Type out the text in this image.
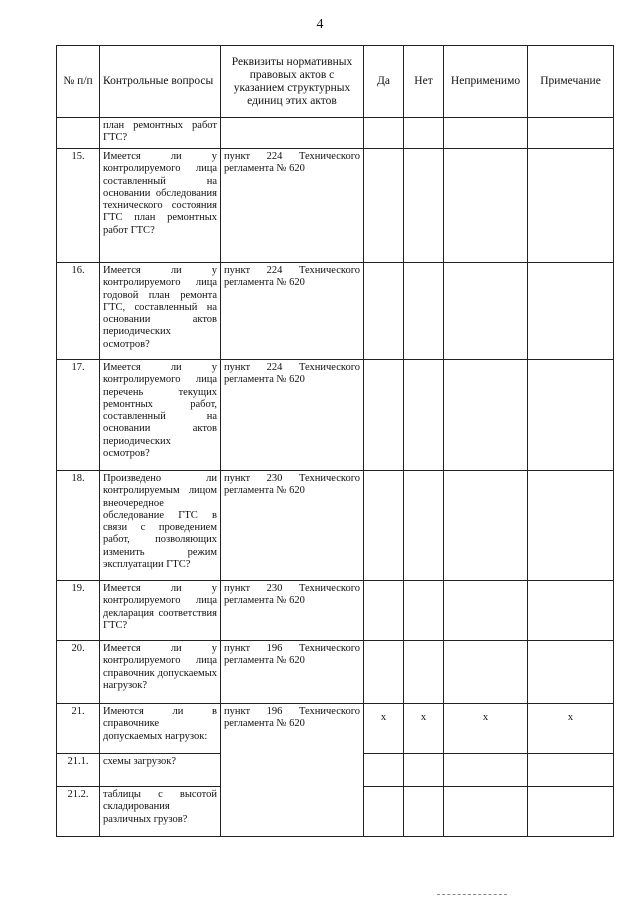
4
№ п/п	Контрольные вопросы	Реквизиты нормативных правовых актов с указанием структурных единиц этих актов	Да	Нет	Неприменимо	Примечание
	план ремонтных работ ГТС?					
15.	Имеется ли у контролируемого лица составленный на основании обследования технического состояния ГТС план ремонтных работ ГТС?	пункт 224 Технического регламента № 620				
16.	Имеется ли у контролируемого лица годовой план ремонта ГТС, составленный на основании актов периодических осмотров?	пункт 224 Технического регламента № 620				
17.	Имеется ли у контролируемого лица перечень текущих ремонтных работ, составленный на основании актов периодических осмотров?	пункт 224 Технического регламента № 620				
18.	Произведено ли контролируемым лицом внеочередное обследование ГТС в связи с проведением работ, позволяющих изменить режим эксплуатации ГТС?	пункт 230 Технического регламента № 620				
19.	Имеется ли у контролируемого лица декларация соответствия ГТС?	пункт 230 Технического регламента № 620				
20.	Имеется ли у контролируемого лица справочник допускаемых нагрузок?	пункт 196 Технического регламента № 620				
21.	Имеются ли в справочнике допускаемых нагрузок:	пункт 196 Технического регламента № 620	x	x	x	x
21.1.	схемы загрузок?					
21.2.	таблицы с высотой складирования различных грузов?					
